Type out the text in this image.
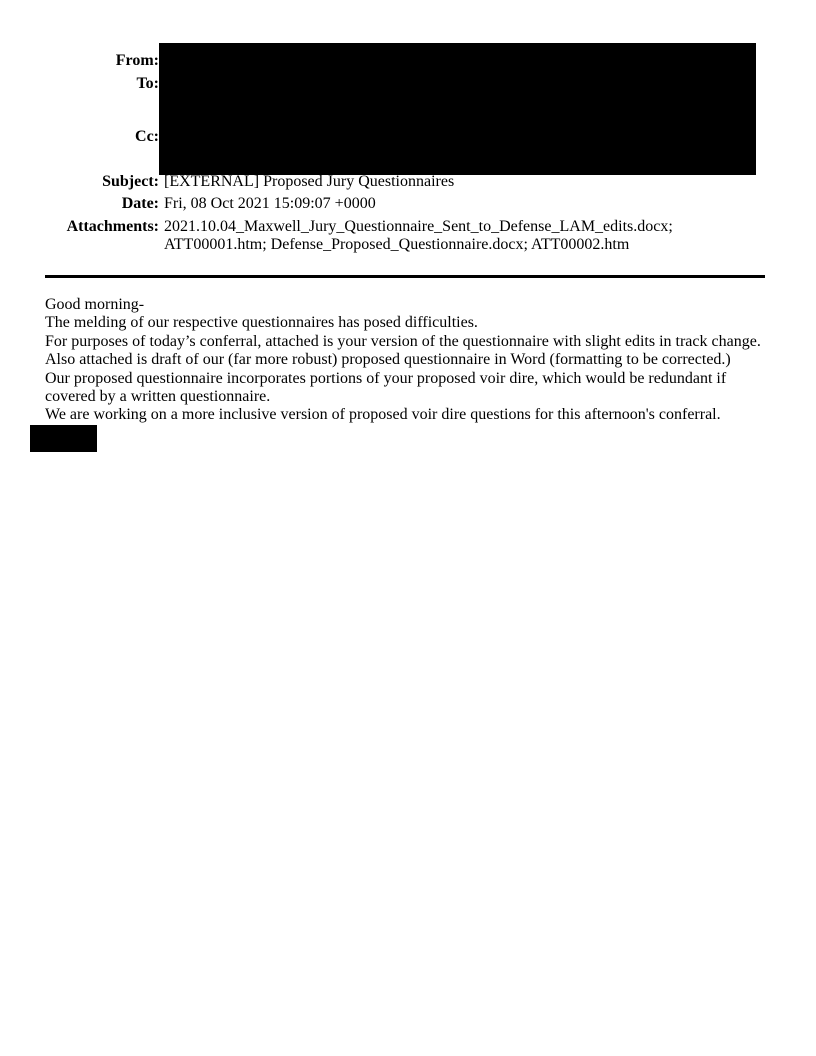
From:
To:
Cc:
Subject: [EXTERNAL] Proposed Jury Questionnaires
Date: Fri, 08 Oct 2021 15:09:07 +0000
Attachments: 2021.10.04_Maxwell_Jury_Questionnaire_Sent_to_Defense_LAM_edits.docx; ATT00001.htm; Defense_Proposed_Questionnaire.docx; ATT00002.htm

Good morning-

The melding of our respective questionnaires has posed difficulties.

For purposes of today’s conferral, attached is your version of the questionnaire with slight edits in track change.

Also attached is draft of our (far more robust) proposed questionnaire in Word (formatting to be corrected.)

Our proposed questionnaire incorporates portions of your proposed voir dire, which would be redundant if covered by a written questionnaire.

We are working on a more inclusive version of proposed voir dire questions for this afternoon's conferral.
